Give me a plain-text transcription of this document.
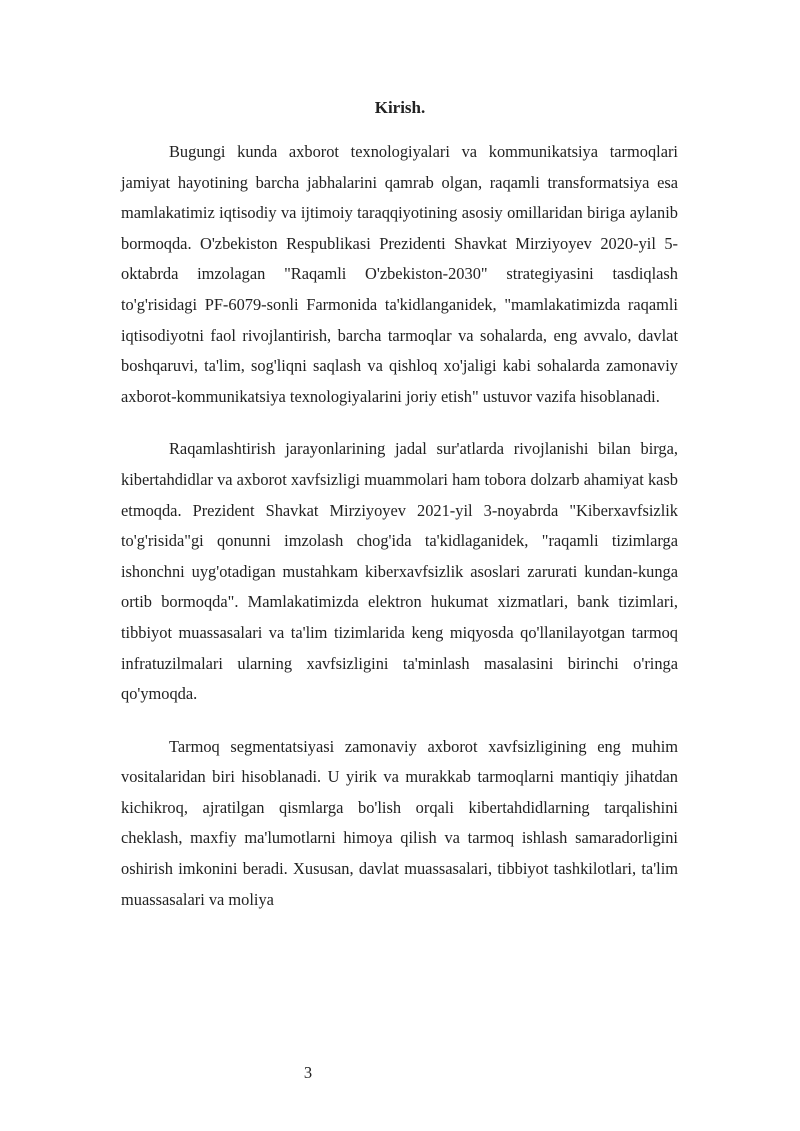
Kirish.

Bugungi kunda axborot texnologiyalari va kommunikatsiya tarmoqlari jamiyat hayotining barcha jabhalarini qamrab olgan, raqamli transformatsiya esa mamlakatimiz iqtisodiy va ijtimoiy taraqqiyotining asosiy omillaridan biriga aylanib bormoqda. O'zbekiston Respublikasi Prezidenti Shavkat Mirziyoyev 2020-yil 5-oktabrda imzolagan "Raqamli O'zbekiston-2030" strategiyasini tasdiqlash to'g'risidagi PF-6079-sonli Farmonida ta'kidlanganidek, "mamlakatimizda raqamli iqtisodiyotni faol rivojlantirish, barcha tarmoqlar va sohalarda, eng avvalo, davlat boshqaruvi, ta'lim, sog'liqni saqlash va qishloq xo'jaligi kabi sohalarda zamonaviy axborot-kommunikatsiya texnologiyalarini joriy etish" ustuvor vazifa hisoblanadi.

Raqamlashtirish jarayonlarining jadal sur'atlarda rivojlanishi bilan birga, kibertahdidlar va axborot xavfsizligi muammolari ham tobora dolzarb ahamiyat kasb etmoqda. Prezident Shavkat Mirziyoyev 2021-yil 3-noyabrda "Kiberxavfsizlik to'g'risida"gi qonunni imzolash chog'ida ta'kidlaganidek, "raqamli tizimlarga ishonchni uyg'otadigan mustahkam kiberxavfsizlik asoslari zarurati kundan-kunga ortib bormoqda". Mamlakatimizda elektron hukumat xizmatlari, bank tizimlari, tibbiyot muassasalari va ta'lim tizimlarida keng miqyosda qo'llanilayotgan tarmoq infratuzilmalari ularning xavfsizligini ta'minlash masalasini birinchi o'ringa qo'ymoqda.

Tarmoq segmentatsiyasi zamonaviy axborot xavfsizligining eng muhim vositalaridan biri hisoblanadi. U yirik va murakkab tarmoqlarni mantiqiy jihatdan kichikroq, ajratilgan qismlarga bo'lish orqali kibertahdidlarning tarqalishini cheklash, maxfiy ma'lumotlarni himoya qilish va tarmoq ishlash samaradorligini oshirish imkonini beradi. Xususan, davlat muassasalari, tibbiyot tashkilotlari, ta'lim muassasalari va moliya

3
